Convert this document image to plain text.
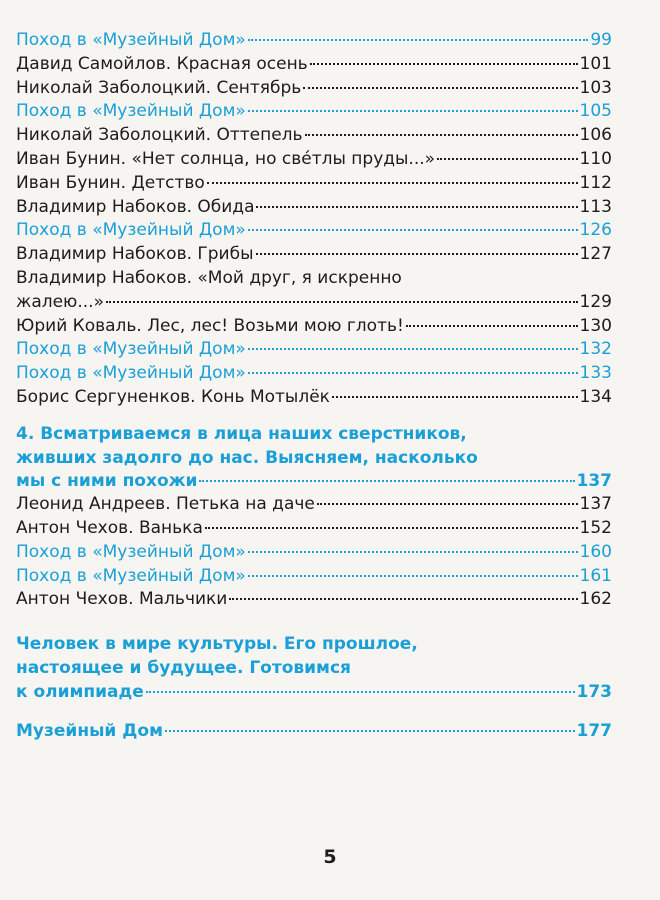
Поход в «Музейный Дом»	99
Давид Самойлов. Красная осень	101
Николай Заболоцкий. Сентябрь	103
Поход в «Музейный Дом»	105
Николай Заболоцкий. Оттепель	106
Иван Бунин. «Нет солнца, но свéтлы пруды...»	110
Иван Бунин. Детство	112
Владимир Набоков. Обида	113
Поход в «Музейный Дом»	126
Владимир Набоков. Грибы	127
Владимир Набоков. «Мой друг, я искренно
жалею...»	129
Юрий Коваль. Лес, лес! Возьми мою глоть!	130
Поход в «Музейный Дом»	132
Поход в «Музейный Дом»	133
Борис Сергуненков. Конь Мотылёк	134
4. Всматриваемся в лица наших сверстников,
живших задолго до нас. Выясняем, насколько
мы с ними похожи	137
Леонид Андреев. Петька на даче	137
Антон Чехов. Ванька	152
Поход в «Музейный Дом»	160
Поход в «Музейный Дом»	161
Антон Чехов. Мальчики	162
Человек в мире культуры. Его прошлое,
настоящее и будущее. Готовимся
к олимпиаде	173
Музейный Дом	177
5
